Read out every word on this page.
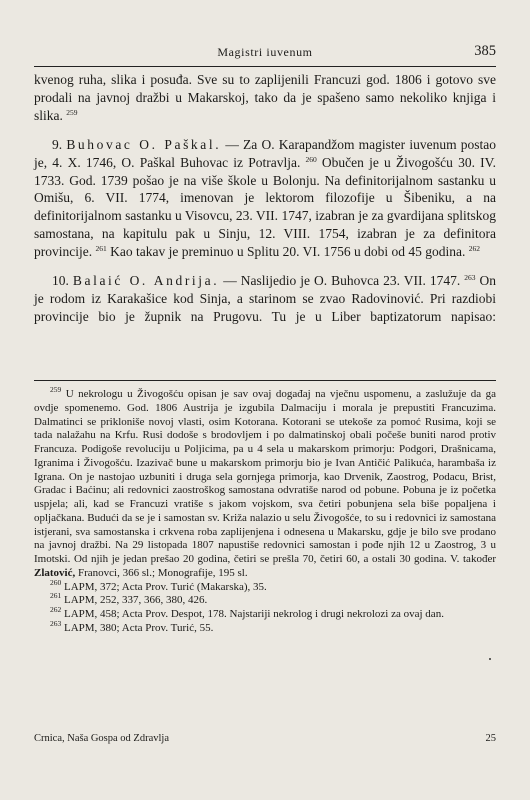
Magistri iuvenum	385

kvenog ruha, slika i posuđa. Sve su to zaplijenili Francuzi god. 1806 i gotovo sve prodali na javnoj dražbi u Makarskoj, tako da je spašeno samo nekoliko knjiga i slika. $^{259}$

9. Buhovac O. Paškal. — Za O. Karapandžom magister iuvenum postao je, 4. X. 1746, O. Paškal Buhovac iz Potravlja. $^{260}$ Obučen je u Živogošću 30. IV. 1733. God. 1739 pošao je na više škole u Bolonju. Na definitorijalnom sastanku u Omišu, 6. VII. 1774, imenovan je lektorom filozofije u Šibeniku, a na definitorijalnom sastanku u Visovcu, 23. VII. 1747, izabran je za gvardijana splitskog samostana, na kapitulu pak u Sinju, 12. VIII. 1754, izabran je za definitora provincije. $^{261}$ Kao takav je preminuo u Splitu 20. VI. 1756 u dobi od 45 godina. $^{262}$

10. Balaić O. Andrija. — Naslijedio je O. Buhovca 23. VII. 1747. $^{263}$ On je rodom iz Karakašice kod Sinja, a starinom se zvao Radovinović. Pri razdiobi provincije bio je župnik na Prugovu. Tu je u Liber baptizatorum napisao:

$^{259}$ U nekrologu u Živogošću opisan je sav ovaj događaj na vječnu uspomenu, a zaslužuje da ga ovdje spomenemo. God. 1806 Austrija je izgubila Dalmaciju i morala je prepustiti Francuzima. Dalmatinci se prikloniše novoj vlasti, osim Kotorana. Kotorani se utekoše za pomoć Rusima, koji se tada nalažahu na Krfu. Rusi dodoše s brodovljem i po dalmatinskoj obali počeše buniti narod protiv Francuza. Podigoše revoluciju u Poljicima, pa u 4 sela u makarskom primorju: Podgori, Drašnicama, Igranima i Živogošću. Izazivač bune u makarskom primorju bio je Ivan Antičić Palikuća, harambaša iz Igrana. On je nastojao uzbuniti i druga sela gornjega primorja, kao Drvenik, Zaostrog, Podacu, Brist, Gradac i Baćinu; ali redovnici zaostroškog samostana odvratiše narod od pobune. Pobuna je iz početka uspjela; ali, kad se Francuzi vratiše s jakom vojskom, sva četiri pobunjena sela biše popaljena i opljačkana. Budući da se je i samostan sv. Križa nalazio u selu Živogošće, to su i redovnici iz samostana istjerani, sva samostanska i crkvena roba zaplijenjena i odnesena u Makarsku, gdje je bilo sve prodano na javnoj dražbi. Na 29 listopada 1807 napustiše redovnici samostan i pođe njih 12 u Zaostrog, 3 u Imotski. Od njih je jedan prešao 20 godina, četiri se prešla 70, četiri 60, a ostali 30 godina. V. također Zlatović, Franovci, 366 sl.; Monografije, 195 sl.

$^{260}$ LAPM, 372; Acta Prov. Turić (Makarska), 35.

$^{261}$ LAPM, 252, 337, 366, 380, 426.

$^{262}$ LAPM, 458; Acta Prov. Despot, 178. Najstariji nekrolog i drugi nekrolozi za ovaj dan.

$^{263}$ LAPM, 380; Acta Prov. Turić, 55.

Crnica, Naša Gospa od Zdravlja	25
